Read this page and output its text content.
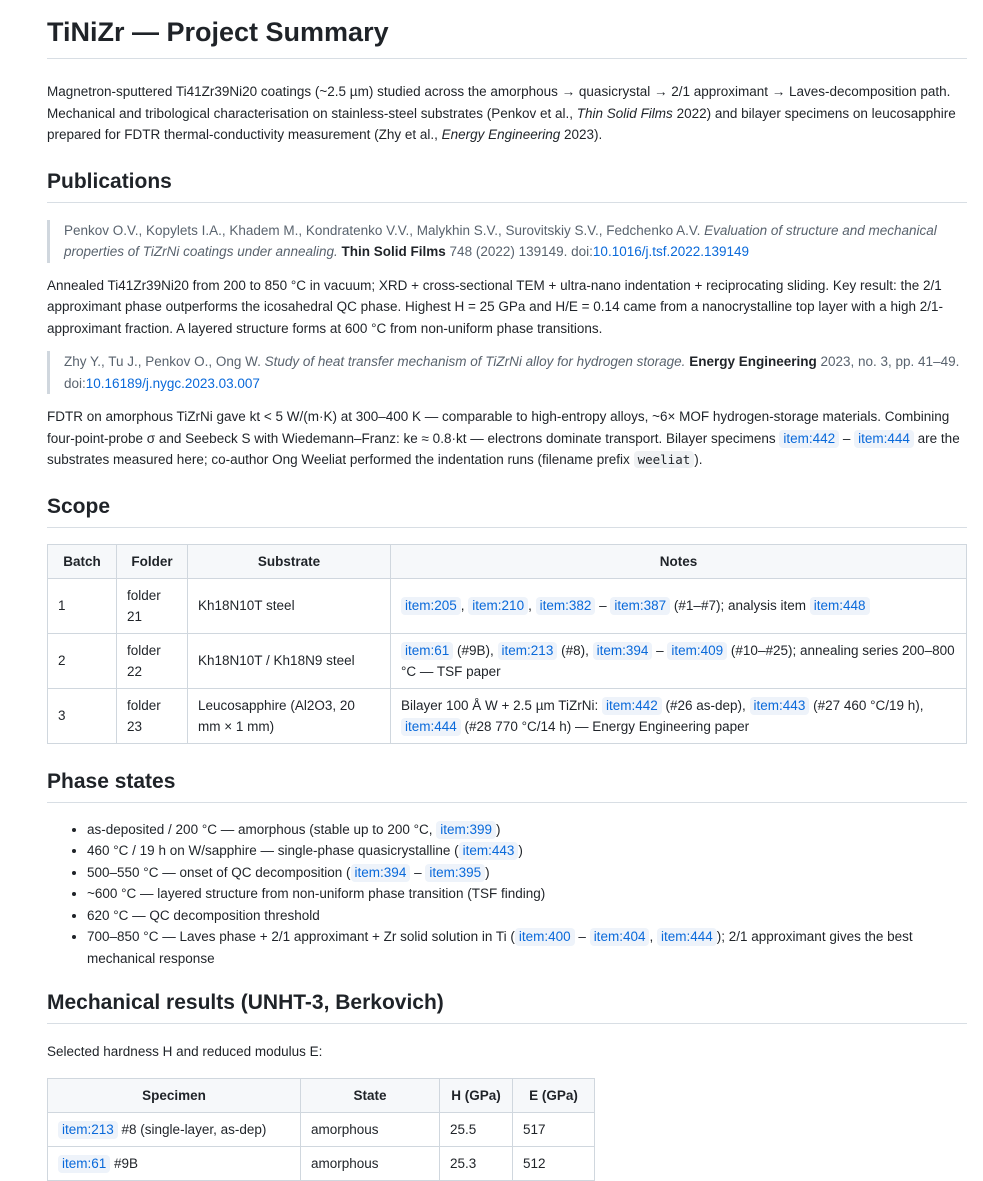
TiNiZr — Project Summary

Magnetron-sputtered Ti41Zr39Ni20 coatings (~2.5 µm) studied across the amorphous → quasicrystal → 2/1 approximant → Laves-decomposition path. Mechanical and tribological characterisation on stainless-steel substrates (Penkov et al., Thin Solid Films 2022) and bilayer specimens on leucosapphire prepared for FDTR thermal-conductivity measurement (Zhy et al., Energy Engineering 2023).

Publications
Penkov O.V., Kopylets I.A., Khadem M., Kondratenko V.V., Malykhin S.V., Surovitskiy S.V., Fedchenko A.V. Evaluation of structure and mechanical properties of TiZrNi coatings under annealing. Thin Solid Films 748 (2022) 139149. doi:10.1016/j.tsf.2022.139149

Annealed Ti41Zr39Ni20 from 200 to 850 °C in vacuum; XRD + cross-sectional TEM + ultra-nano indentation + reciprocating sliding. Key result: the 2/1 approximant phase outperforms the icosahedral QC phase. Highest H = 25 GPa and H/E = 0.14 came from a nanocrystalline top layer with a high 2/1-approximant fraction. A layered structure forms at 600 °C from non-uniform phase transitions.

Zhy Y., Tu J., Penkov O., Ong W. Study of heat transfer mechanism of TiZrNi alloy for hydrogen storage. Energy Engineering 2023, no. 3, pp. 41–49. doi:10.16189/j.nygc.2023.03.007

FDTR on amorphous TiZrNi gave kt < 5 W/(m·K) at 300–400 K — comparable to high-entropy alloys, ~6× MOF hydrogen-storage materials. Combining four-point-probe σ and Seebeck S with Wiedemann–Franz: ke ≈ 0.8·kt — electrons dominate transport. Bilayer specimens item:442 – item:444 are the substrates measured here; co-author Ong Weeliat performed the indentation runs (filename prefix weeliat ).

Scope
Batch	Folder	Substrate	Notes
1	folder 21	Kh18N10T steel	item:205 , item:210 , item:382 – item:387 (#1–#7); analysis item item:448
2	folder 22	Kh18N10T / Kh18N9 steel	item:61 (#9B), item:213 (#8), item:394 – item:409 (#10–#25); annealing series 200–800 °C — TSF paper
3	folder 23	Leucosapphire (Al2O3, 20 mm × 1 mm)	Bilayer 100 Å W + 2.5 µm TiZrNi: item:442 (#26 as-dep), item:443 (#27 460 °C/19 h), item:444 (#28 770 °C/14 h) — Energy Engineering paper
Phase states
• as-deposited / 200 °C — amorphous (stable up to 200 °C, item:399 )
• 460 °C / 19 h on W/sapphire — single-phase quasicrystalline ( item:443 )
• 500–550 °C — onset of QC decomposition ( item:394 – item:395 )
• ~600 °C — layered structure from non-uniform phase transition (TSF finding)
• 620 °C — QC decomposition threshold
• 700–850 °C — Laves phase + 2/1 approximant + Zr solid solution in Ti ( item:400 – item:404 , item:444 ); 2/1 approximant gives the best mechanical response
Mechanical results (UNHT-3, Berkovich)

Selected hardness H and reduced modulus E:

Specimen	State	H (GPa)	E (GPa)
item:213 #8 (single-layer, as-dep)	amorphous	25.5	517
item:61 #9B	amorphous	25.3	512
